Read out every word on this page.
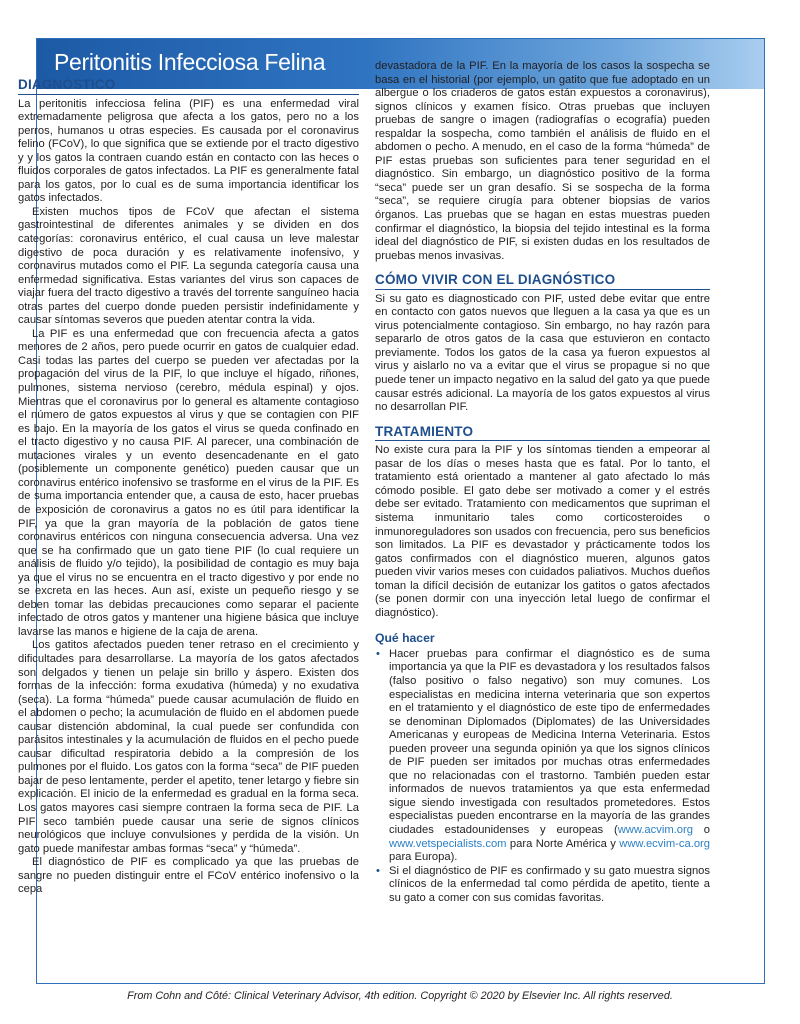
Peritonitis Infecciosa Felina
DIAGNÓSTICO

La peritonitis infecciosa felina (PIF) es una enfermedad viral extremadamente peligrosa que afecta a los gatos, pero no a los perros, humanos u otras especies. Es causada por el coronavirus felino (FCoV), lo que significa que se extiende por el tracto digestivo y y los gatos la contraen cuando están en contacto con las heces o fluidos corporales de gatos infectados. La PIF es generalmente fatal para los gatos, por lo cual es de suma importancia identificar los gatos infectados.

Existen muchos tipos de FCoV que afectan el sistema gastrointestinal de diferentes animales y se dividen en dos categorías: coronavirus entérico, el cual causa un leve malestar digestivo de poca duración y es relativamente inofensivo, y coronavirus mutados como el PIF. La segunda categoría causa una enfermedad significativa. Estas variantes del virus son capaces de viajar fuera del tracto digestivo a través del torrente sanguíneo hacia otras partes del cuerpo donde pueden persistir indefinidamente y causar síntomas severos que pueden atentar contra la vida.

La PIF es una enfermedad que con frecuencia afecta a gatos menores de 2 años, pero puede ocurrir en gatos de cualquier edad. Casi todas las partes del cuerpo se pueden ver afectadas por la propagación del virus de la PIF, lo que incluye el hígado, riñones, pulmones, sistema nervioso (cerebro, médula espinal) y ojos. Mientras que el coronavirus por lo general es altamente contagioso el número de gatos expuestos al virus y que se contagien con PIF es bajo. En la mayoría de los gatos el virus se queda confinado en el tracto digestivo y no causa PIF. Al parecer, una combinación de mutaciones virales y un evento desencadenante en el gato (posiblemente un componente genético) pueden causar que un coronavirus entérico inofensivo se trasforme en el virus de la PIF. Es de suma importancia entender que, a causa de esto, hacer pruebas de exposición de coronavirus a gatos no es útil para identificar la PIF, ya que la gran mayoría de la población de gatos tiene coronavirus entéricos con ninguna consecuencia adversa. Una vez que se ha confirmado que un gato tiene PIF (lo cual requiere un análisis de fluido y/o tejido), la posibilidad de contagio es muy baja ya que el virus no se encuentra en el tracto digestivo y por ende no se excreta en las heces. Aun así, existe un pequeño riesgo y se deben tomar las debidas precauciones como separar el paciente infectado de otros gatos y mantener una higiene básica que incluye lavarse las manos e higiene de la caja de arena.

Los gatitos afectados pueden tener retraso en el crecimiento y dificultades para desarrollarse. La mayoría de los gatos afectados son delgados y tienen un pelaje sin brillo y áspero. Existen dos formas de la infección: forma exudativa (húmeda) y no exudativa (seca). La forma “húmeda” puede causar acumulación de fluido en el abdomen o pecho; la acumulación de fluido en el abdomen puede causar distención abdominal, la cual puede ser confundida con parásitos intestinales y la acumulación de fluidos en el pecho puede causar dificultad respiratoria debido a la compresión de los pulmones por el fluido. Los gatos con la forma “seca” de PIF pueden bajar de peso lentamente, perder el apetito, tener letargo y fiebre sin explicación. El inicio de la enfermedad es gradual en la forma seca. Los gatos mayores casi siempre contraen la forma seca de PIF. La PIF seco también puede causar una serie de signos clínicos neurológicos que incluye convulsiones y perdida de la visión. Un gato puede manifestar ambas formas “seca” y “húmeda”.

El diagnóstico de PIF es complicado ya que las pruebas de sangre no pueden distinguir entre el FCoV entérico inofensivo o la cepa

devastadora de la PIF. En la mayoría de los casos la sospecha se basa en el historial (por ejemplo, un gatito que fue adoptado en un albergue o los criaderos de gatos están expuestos a coronavirus), signos clínicos y examen físico. Otras pruebas que incluyen pruebas de sangre o imagen (radiografías o ecografía) pueden respaldar la sospecha, como también el análisis de fluido en el abdomen o pecho. A menudo, en el caso de la forma “húmeda” de PIF estas pruebas son suficientes para tener seguridad en el diagnóstico. Sin embargo, un diagnóstico positivo de la forma “seca” puede ser un gran desafío. Si se sospecha de la forma “seca”, se requiere cirugía para obtener biopsias de varios órganos. Las pruebas que se hagan en estas muestras pueden confirmar el diagnóstico, la biopsia del tejido intestinal es la forma ideal del diagnóstico de PIF, si existen dudas en los resultados de pruebas menos invasivas.

CÓMO VIVIR CON EL DIAGNÓSTICO

Si su gato es diagnosticado con PIF, usted debe evitar que entre en contacto con gatos nuevos que lleguen a la casa ya que es un virus potencialmente contagioso. Sin embargo, no hay razón para separarlo de otros gatos de la casa que estuvieron en contacto previamente. Todos los gatos de la casa ya fueron expuestos al virus y aislarlo no va a evitar que el virus se propague si no que puede tener un impacto negativo en la salud del gato ya que puede causar estrés adicional. La mayoría de los gatos expuestos al virus no desarrollan PIF.

TRATAMIENTO

No existe cura para la PIF y los síntomas tienden a empeorar al pasar de los días o meses hasta que es fatal. Por lo tanto, el tratamiento está orientado a mantener al gato afectado lo más cómodo posible. El gato debe ser motivado a comer y el estrés debe ser evitado. Tratamiento con medicamentos que supriman el sistema inmunitario tales como corticosteroides o inmunoreguladores son usados con frecuencia, pero sus beneficios son limitados. La PIF es devastador y prácticamente todos los gatos confirmados con el diagnóstico mueren, algunos gatos pueden vivir varios meses con cuidados paliativos. Muchos dueños toman la difícil decisión de eutanizar los gatitos o gatos afectados (se ponen dormir con una inyección letal luego de confirmar el diagnóstico).

Qué hacer
• Hacer pruebas para confirmar el diagnóstico es de suma importancia ya que la PIF es devastadora y los resultados falsos (falso positivo o falso negativo) son muy comunes. Los especialistas en medicina interna veterinaria que son expertos en el tratamiento y el diagnóstico de este tipo de enfermedades se denominan Diplomados (Diplomates) de las Universidades Americanas y europeas de Medicina Interna Veterinaria. Estos pueden proveer una segunda opinión ya que los signos clínicos de PIF pueden ser imitados por muchas otras enfermedades que no relacionadas con el trastorno. También pueden estar informados de nuevos tratamientos ya que esta enfermedad sigue siendo investigada con resultados prometedores. Estos especialistas pueden encontrarse en la mayoría de las grandes ciudades estadounidenses y europeas (www.acvim.org o www.vetspecialists.com para Norte América y www.ecvim-ca.org para Europa).
• Si el diagnóstico de PIF es confirmado y su gato muestra signos clínicos de la enfermedad tal como pérdida de apetito, tiente a su gato a comer con sus comidas favoritas.
From Cohn and Côté: Clinical Veterinary Advisor, 4th edition. Copyright © 2020 by Elsevier Inc. All rights reserved.
